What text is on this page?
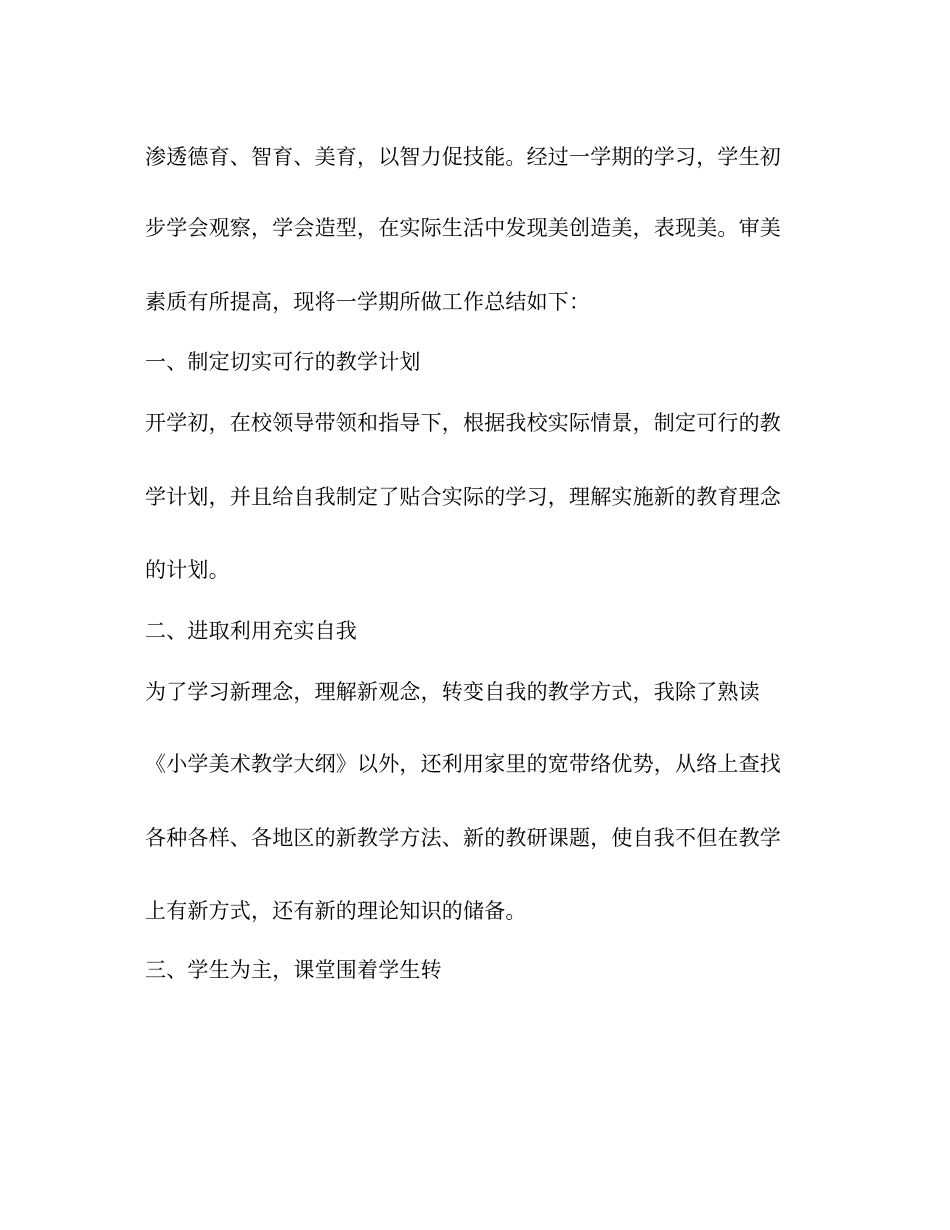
渗透德育、智育、美育，以智力促技能。经过一学期的学习，学生初
步学会观察，学会造型，在实际生活中发现美创造美，表现美。审美
素质有所提高，现将一学期所做工作总结如下：
一、制定切实可行的教学计划
开学初，在校领导带领和指导下，根据我校实际情景，制定可行的教
学计划，并且给自我制定了贴合实际的学习，理解实施新的教育理念
的计划。
二、进取利用充实自我
为了学习新理念，理解新观念，转变自我的教学方式，我除了熟读
《小学美术教学大纲》以外，还利用家里的宽带络优势，从络上查找
各种各样、各地区的新教学方法、新的教研课题，使自我不但在教学
上有新方式，还有新的理论知识的储备。
三、学生为主，课堂围着学生转
